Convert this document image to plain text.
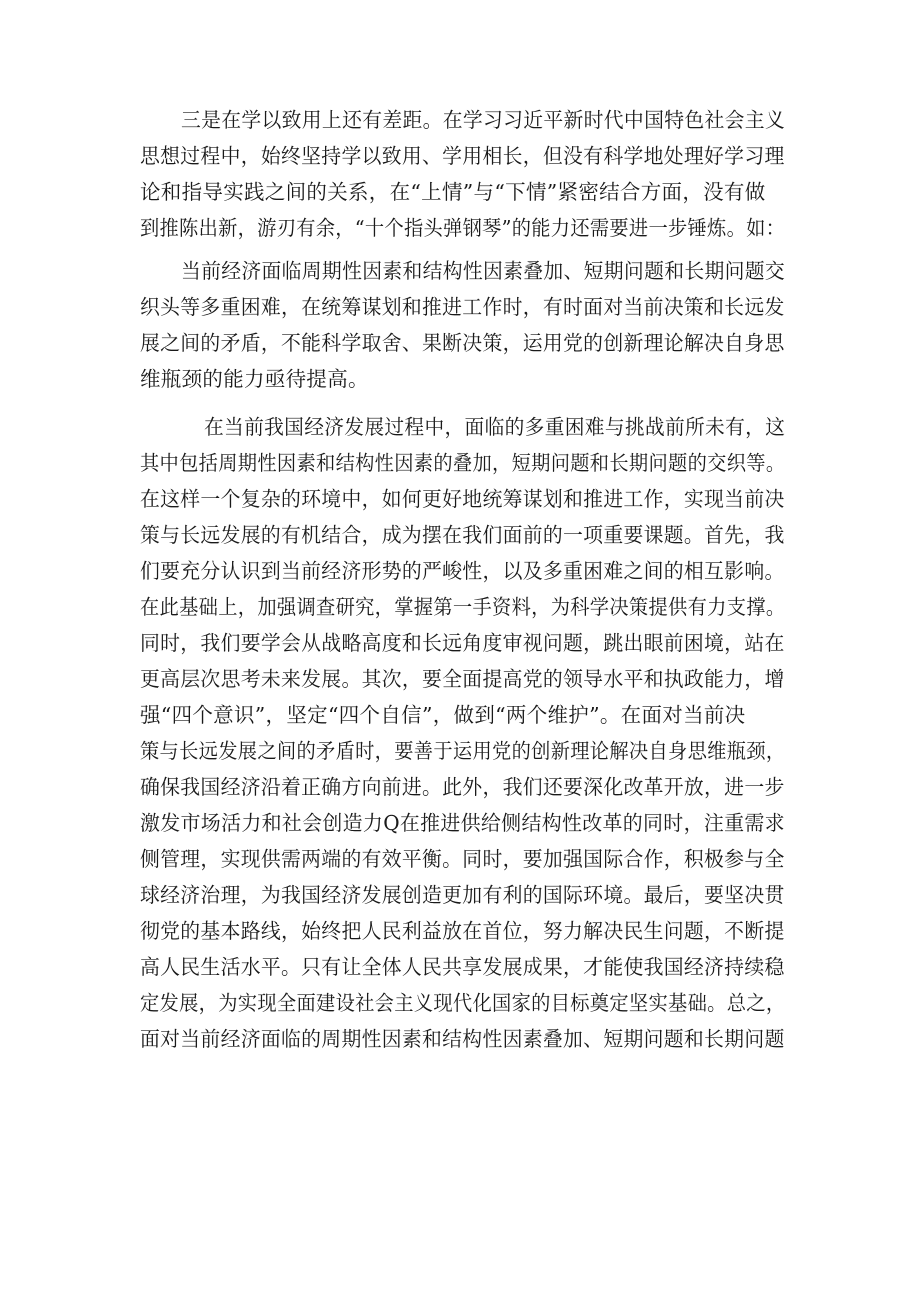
三是在学以致用上还有差距。在学习习近平新时代中国特色社会主义
思想过程中，始终坚持学以致用、学用相长，但没有科学地处理好学习理
论和指导实践之间的关系，在“上情”与“下情”紧密结合方面，没有做
到推陈出新，游刃有余，“十个指头弹钢琴”的能力还需要进一步锤炼。如：
当前经济面临周期性因素和结构性因素叠加、短期问题和长期问题交
织头等多重困难，在统筹谋划和推进工作时，有时面对当前决策和长远发
展之间的矛盾，不能科学取舍、果断决策，运用党的创新理论解决自身思
维瓶颈的能力亟待提高。
在当前我国经济发展过程中，面临的多重困难与挑战前所未有，这
其中包括周期性因素和结构性因素的叠加，短期问题和长期问题的交织等。
在这样一个复杂的环境中，如何更好地统筹谋划和推进工作，实现当前决
策与长远发展的有机结合，成为摆在我们面前的一项重要课题。首先，我
们要充分认识到当前经济形势的严峻性，以及多重困难之间的相互影响。
在此基础上，加强调查研究，掌握第一手资料，为科学决策提供有力支撑。
同时，我们要学会从战略高度和长远角度审视问题，跳出眼前困境，站在
更高层次思考未来发展。其次，要全面提高党的领导水平和执政能力，增
强“四个意识”，坚定“四个自信”，做到“两个维护”。在面对当前决
策与长远发展之间的矛盾时，要善于运用党的创新理论解决自身思维瓶颈，
确保我国经济沿着正确方向前进。此外，我们还要深化改革开放，进一步
激发市场活力和社会创造力Q在推进供给侧结构性改革的同时，注重需求
侧管理，实现供需两端的有效平衡。同时，要加强国际合作，积极参与全
球经济治理，为我国经济发展创造更加有利的国际环境。最后，要坚决贯
彻党的基本路线，始终把人民利益放在首位，努力解决民生问题，不断提
高人民生活水平。只有让全体人民共享发展成果，才能使我国经济持续稳
定发展，为实现全面建设社会主义现代化国家的目标奠定坚实基础。总之，
面对当前经济面临的周期性因素和结构性因素叠加、短期问题和长期问题
